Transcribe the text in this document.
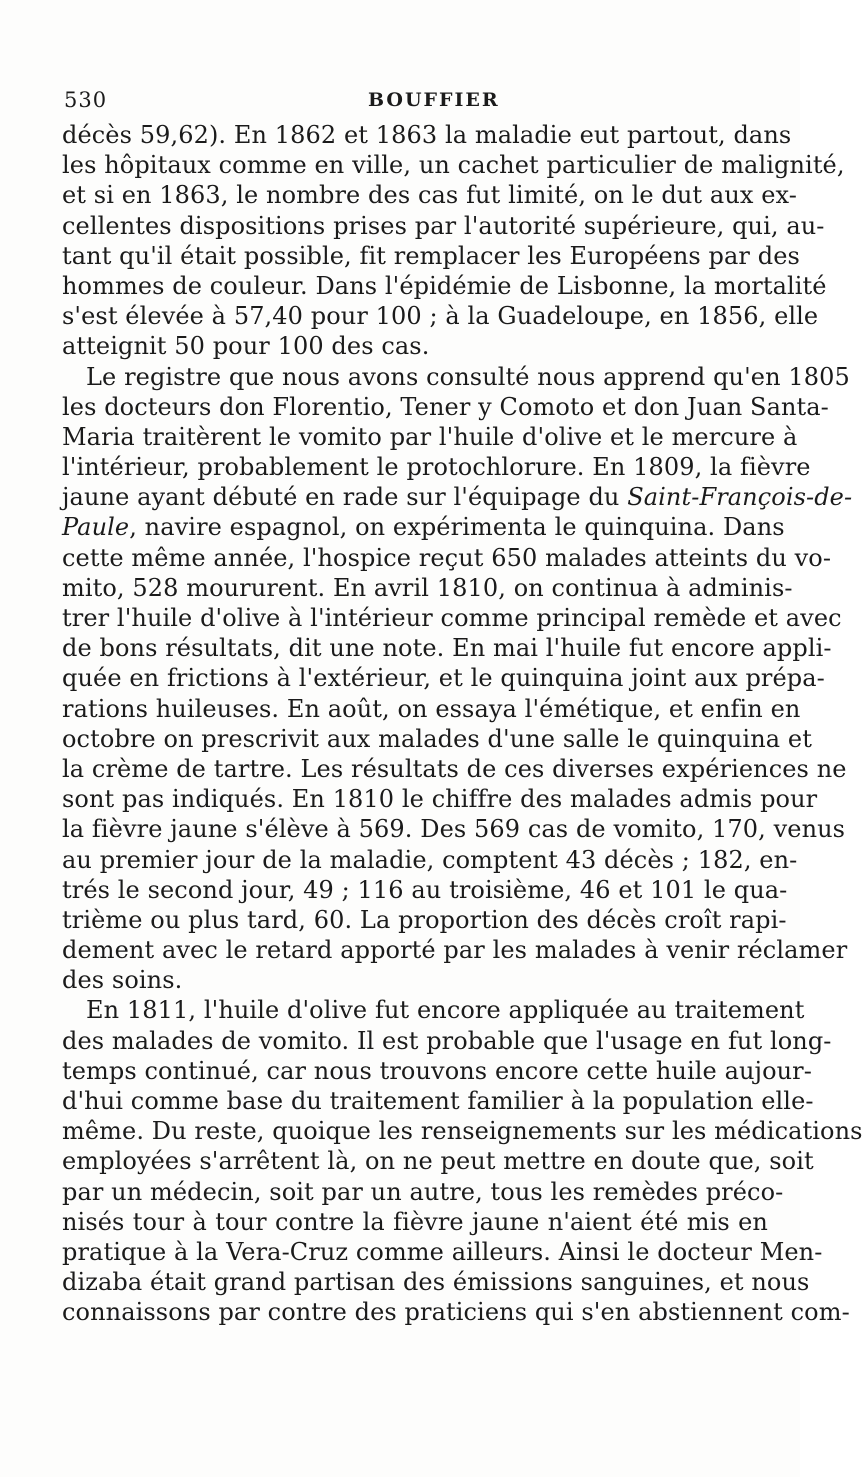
530	BOUFFIER
décès 59,62). En 1862 et 1863 la maladie eut partout, dans
les hôpitaux comme en ville, un cachet particulier de malignité,
et si en 1863, le nombre des cas fut limité, on le dut aux ex-
cellentes dispositions prises par l'autorité supérieure, qui, au-
tant qu'il était possible, fit remplacer les Européens par des
hommes de couleur. Dans l'épidémie de Lisbonne, la mortalité
s'est élevée à 57,40 pour 100 ; à la Guadeloupe, en 1856, elle
atteignit 50 pour 100 des cas.
Le registre que nous avons consulté nous apprend qu'en 1805
les docteurs don Florentio, Tener y Comoto et don Juan Santa-
Maria traitèrent le vomito par l'huile d'olive et le mercure à
l'intérieur, probablement le protochlorure. En 1809, la fièvre
jaune ayant débuté en rade sur l'équipage du Saint-François-de-
Paule, navire espagnol, on expérimenta le quinquina. Dans
cette même année, l'hospice reçut 650 malades atteints du vo-
mito, 528 moururent. En avril 1810, on continua à adminis-
trer l'huile d'olive à l'intérieur comme principal remède et avec
de bons résultats, dit une note. En mai l'huile fut encore appli-
quée en frictions à l'extérieur, et le quinquina joint aux prépa-
rations huileuses. En août, on essaya l'émétique, et enfin en
octobre on prescrivit aux malades d'une salle le quinquina et
la crème de tartre. Les résultats de ces diverses expériences ne
sont pas indiqués. En 1810 le chiffre des malades admis pour
la fièvre jaune s'élève à 569. Des 569 cas de vomito, 170, venus
au premier jour de la maladie, comptent 43 décès ; 182, en-
trés le second jour, 49 ; 116 au troisième, 46 et 101 le qua-
trième ou plus tard, 60. La proportion des décès croît rapi-
dement avec le retard apporté par les malades à venir réclamer
des soins.
En 1811, l'huile d'olive fut encore appliquée au traitement
des malades de vomito. Il est probable que l'usage en fut long-
temps continué, car nous trouvons encore cette huile aujour-
d'hui comme base du traitement familier à la population elle-
même. Du reste, quoique les renseignements sur les médications
employées s'arrêtent là, on ne peut mettre en doute que, soit
par un médecin, soit par un autre, tous les remèdes préco-
nisés tour à tour contre la fièvre jaune n'aient été mis en
pratique à la Vera-Cruz comme ailleurs. Ainsi le docteur Men-
dizaba était grand partisan des émissions sanguines, et nous
connaissons par contre des praticiens qui s'en abstiennent com-
